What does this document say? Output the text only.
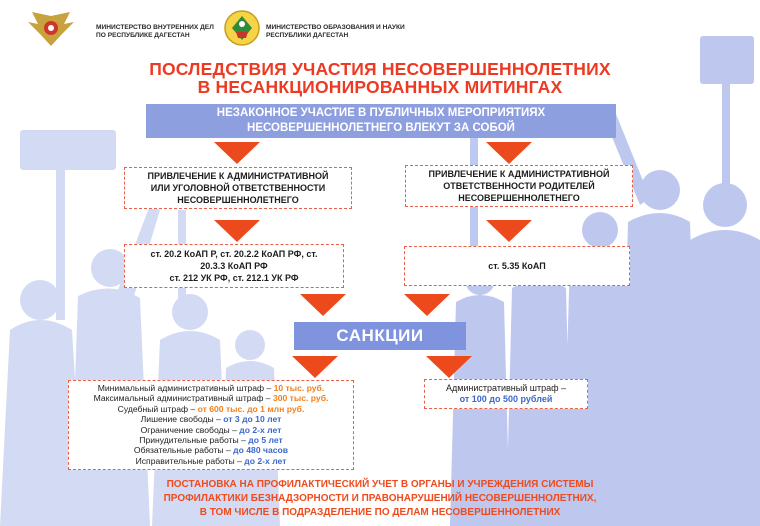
МИНИСТЕРСТВО ВНУТРЕННИХ ДЕЛ
ПО РЕСПУБЛИКЕ ДАГЕСТАН
МИНИСТЕРСТВО ОБРАЗОВАНИЯ И НАУКИ
РЕСПУБЛИКИ ДАГЕСТАН
ПОСЛЕДСТВИЯ УЧАСТИЯ НЕСОВЕРШЕННОЛЕТНИХ
В НЕСАНКЦИОНИРОВАННЫХ МИТИНГАХ
НЕЗАКОННОЕ УЧАСТИЕ В ПУБЛИЧНЫХ МЕРОПРИЯТИЯХ
НЕСОВЕРШЕННОЛЕТНЕГО ВЛЕКУТ ЗА СОБОЙ
ПРИВЛЕЧЕНИЕ К АДМИНИСТРАТИВНОЙ
ИЛИ УГОЛОВНОЙ ОТВЕТСТВЕННОСТИ
НЕСОВЕРШЕННОЛЕТНЕГО
ПРИВЛЕЧЕНИЕ К АДМИНИСТРАТИВНОЙ
ОТВЕТСТВЕННОСТИ РОДИТЕЛЕЙ
НЕСОВЕРШЕННОЛЕТНЕГО
ст. 20.2 КоАП Р, ст. 20.2.2 КоАП РФ, ст.
20.3.3 КоАП РФ
ст. 212 УК РФ, ст. 212.1 УК РФ
ст. 5.35 КоАП
САНКЦИИ
Минимальный административный штраф – 10 тыс. руб.
Максимальный административный штраф – 300 тыс. руб.
Судебный штраф – от 600 тыс. до 1 млн руб.
Лишение свободы – от 3 до 10 лет
Ограничение свободы – до 2-х лет
Принудительные работы – до 5 лет
Обязательные работы – до 480 часов
Исправительные работы – до 2-х лет
Административный штраф –
от 100 до 500 рублей
ПОСТАНОВКА НА ПРОФИЛАКТИЧЕСКИЙ УЧЕТ В ОРГАНЫ И УЧРЕЖДЕНИЯ СИСТЕМЫ
ПРОФИЛАКТИКИ БЕЗНАДЗОРНОСТИ И ПРАВОНАРУШЕНИЙ НЕСОВЕРШЕННОЛЕТНИХ,
В ТОМ ЧИСЛЕ В ПОДРАЗДЕЛЕНИЕ ПО ДЕЛАМ НЕСОВЕРШЕННОЛЕТНИХ
